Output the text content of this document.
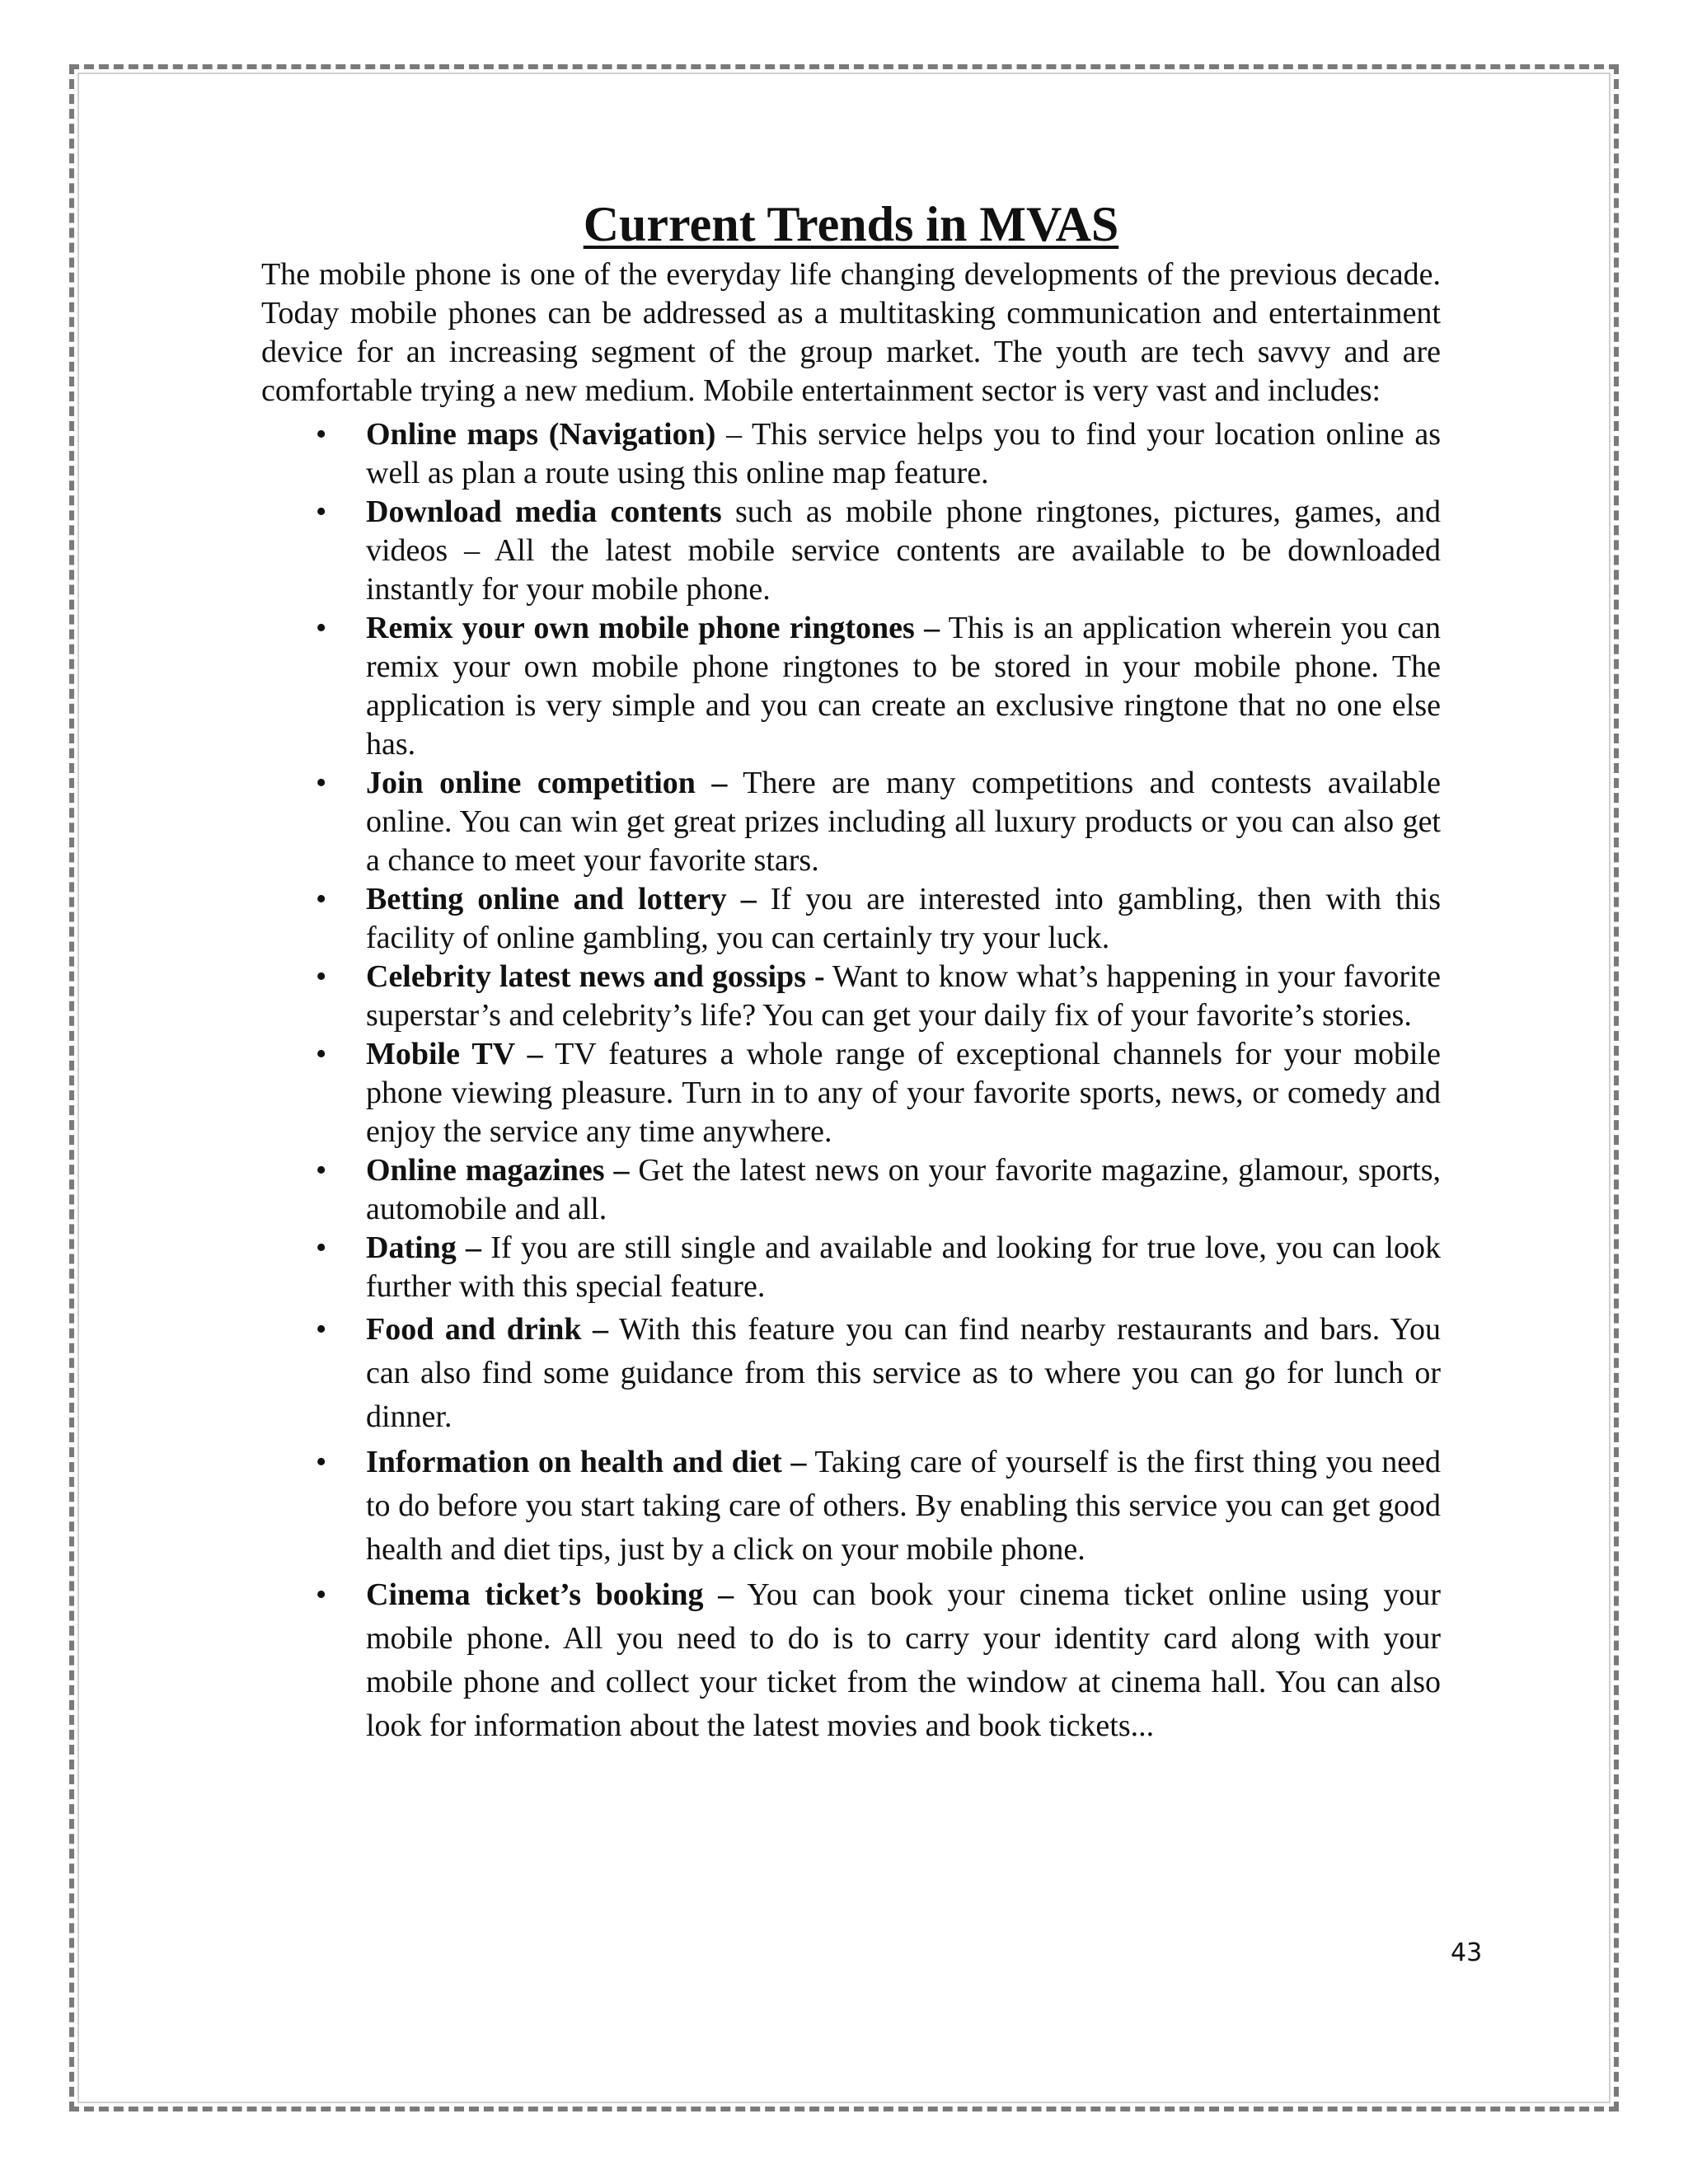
Current Trends in MVAS

The mobile phone is one of the everyday life changing developments of the previous decade. Today mobile phones can be addressed as a multitasking communication and entertainment device for an increasing segment of the group market. The youth are tech savvy and are comfortable trying a new medium. Mobile entertainment sector is very vast and includes:

• Online maps (Navigation) – This service helps you to find your location online as well as plan a route using this online map feature.
• Download media contents such as mobile phone ringtones, pictures, games, and videos – All the latest mobile service contents are available to be downloaded instantly for your mobile phone.
• Remix your own mobile phone ringtones – This is an application wherein you can remix your own mobile phone ringtones to be stored in your mobile phone. The application is very simple and you can create an exclusive ringtone that no one else has.
• Join online competition – There are many competitions and contests available online. You can win get great prizes including all luxury products or you can also get a chance to meet your favorite stars.
• Betting online and lottery – If you are interested into gambling, then with this facility of online gambling, you can certainly try your luck.
• Celebrity latest news and gossips - Want to know what’s happening in your favorite superstar’s and celebrity’s life? You can get your daily fix of your favorite’s stories.
• Mobile TV – TV features a whole range of exceptional channels for your mobile phone viewing pleasure. Turn in to any of your favorite sports, news, or comedy and enjoy the service any time anywhere.
• Online magazines – Get the latest news on your favorite magazine, glamour, sports, automobile and all.
• Dating – If you are still single and available and looking for true love, you can look further with this special feature.
• Food and drink – With this feature you can find nearby restaurants and bars. You can also find some guidance from this service as to where you can go for lunch or dinner.
• Information on health and diet – Taking care of yourself is the first thing you need to do before you start taking care of others. By enabling this service you can get good health and diet tips, just by a click on your mobile phone.
• Cinema ticket’s booking – You can book your cinema ticket online using your mobile phone. All you need to do is to carry your identity card along with your mobile phone and collect your ticket from the window at cinema hall. You can also look for information about the latest movies and book tickets...
43
